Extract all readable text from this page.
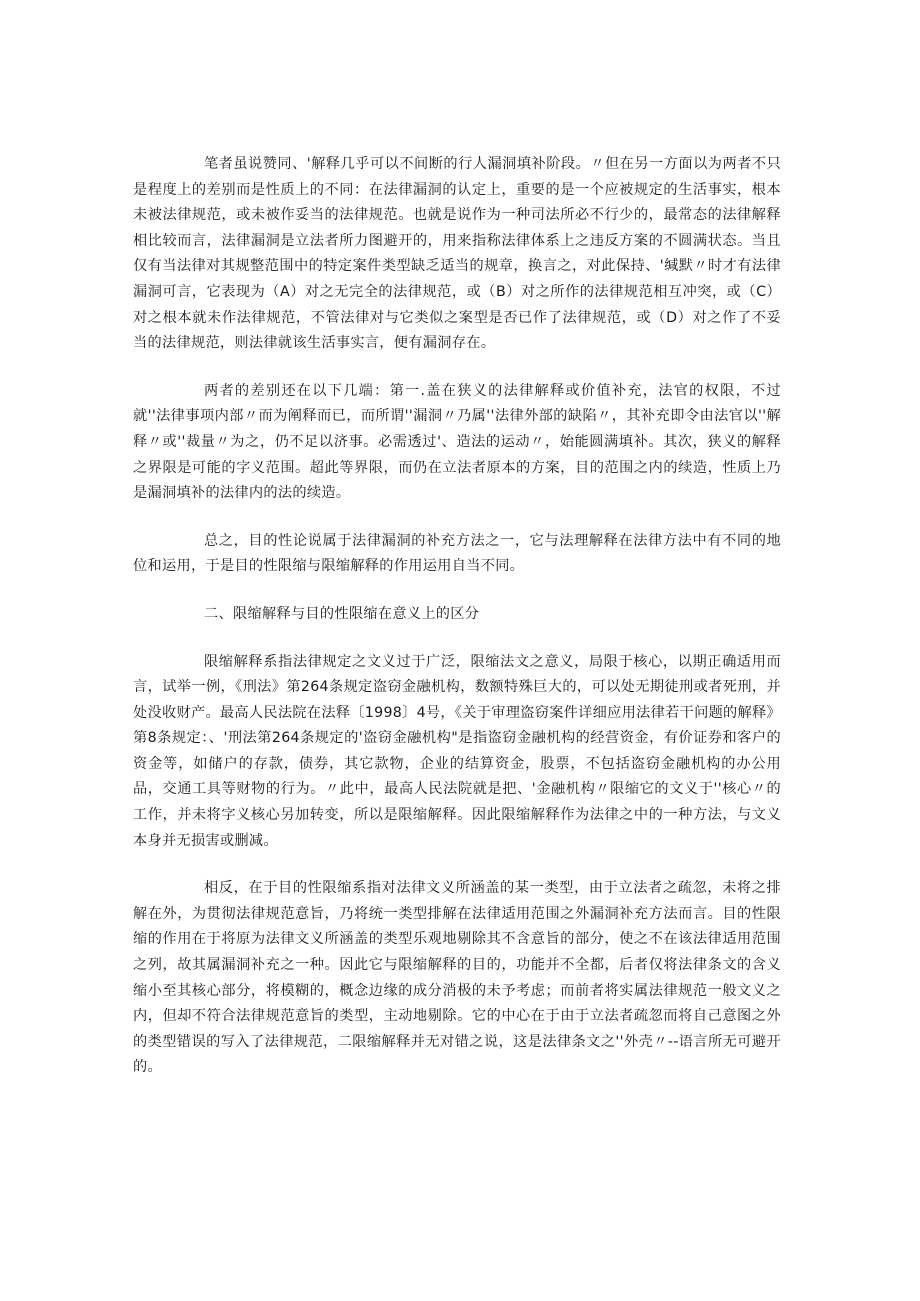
笔者虽说赞同、'解释几乎可以不间断的行人漏洞填补阶段。〃但在另一方面以为两者不只是程度上的差别而是性质上的不同：在法律漏洞的认定上，重要的是一个应被规定的生活事实，根本未被法律规范，或未被作妥当的法律规范。也就是说作为一种司法所必不行少的，最常态的法律解释相比较而言，法律漏洞是立法者所力图避开的，用来指称法律体系上之违反方案的不圆满状态。当且仅有当法律对其规整范围中的特定案件类型缺乏适当的规章，换言之，对此保持、'缄默〃时才有法律漏洞可言，它表现为（A）对之无完全的法律规范，或（B）对之所作的法律规范相互冲突，或（C）对之根本就未作法律规范，不管法律对与它类似之案型是否已作了法律规范，或（D）对之作了不妥当的法律规范，则法律就该生活事实言，便有漏洞存在。

两者的差别还在以下几端：第一.盖在狭义的法律解释或价值补充，法官的权限，不过就''法律事项内部〃而为阐释而已，而所谓''漏洞〃乃属''法律外部的缺陷〃，其补充即令由法官以''解释〃或''裁量〃为之，仍不足以济事。必需透过'、造法的运动〃，始能圆满填补。其次，狭义的解释之界限是可能的字义范围。超此等界限，而仍在立法者原本的方案，目的范围之内的续造，性质上乃是漏洞填补的法律内的法的续造。

总之，目的性论说属于法律漏洞的补充方法之一，它与法理解释在法律方法中有不同的地位和运用，于是目的性限缩与限缩解释的作用运用自当不同。

二、限缩解释与目的性限缩在意义上的区分

限缩解释系指法律规定之文义过于广泛，限缩法文之意义，局限于核心，以期正确适用而言，试举一例，《刑法》第264条规定盗窃金融机构，数额特殊巨大的，可以处无期徒刑或者死刑，并处没收财产。最高人民法院在法释〔1998〕4号，《关于审理盗窃案件详细应用法律若干问题的解释》第8条规定：、'刑法第264条规定的'盗窃金融机构"是指盗窃金融机构的经营资金，有价证券和客户的资金等，如储户的存款，债券，其它款物，企业的结算资金，股票，不包括盗窃金融机构的办公用品，交通工具等财物的行为。〃此中，最高人民法院就是把、'金融机构〃限缩它的文义于''核心〃的工作，并未将字义核心另加转变，所以是限缩解释。因此限缩解释作为法律之中的一种方法，与文义本身并无损害或删减。

相反，在于目的性限缩系指对法律文义所涵盖的某一类型，由于立法者之疏忽，未将之排解在外，为贯彻法律规范意旨，乃将统一类型排解在法律适用范围之外漏洞补充方法而言。目的性限缩的作用在于将原为法律文义所涵盖的类型乐观地剔除其不含意旨的部分，使之不在该法律适用范围之列，故其属漏洞补充之一种。因此它与限缩解释的目的，功能并不全都，后者仅将法律条文的含义缩小至其核心部分，将模糊的，概念边缘的成分消极的未予考虑；而前者将实属法律规范一般文义之内，但却不符合法律规范意旨的类型，主动地剔除。它的中心在于由于立法者疏忽而将自己意图之外的类型错误的写入了法律规范，二限缩解释并无对错之说，这是法律条文之''外壳〃--语言所无可避开的。
